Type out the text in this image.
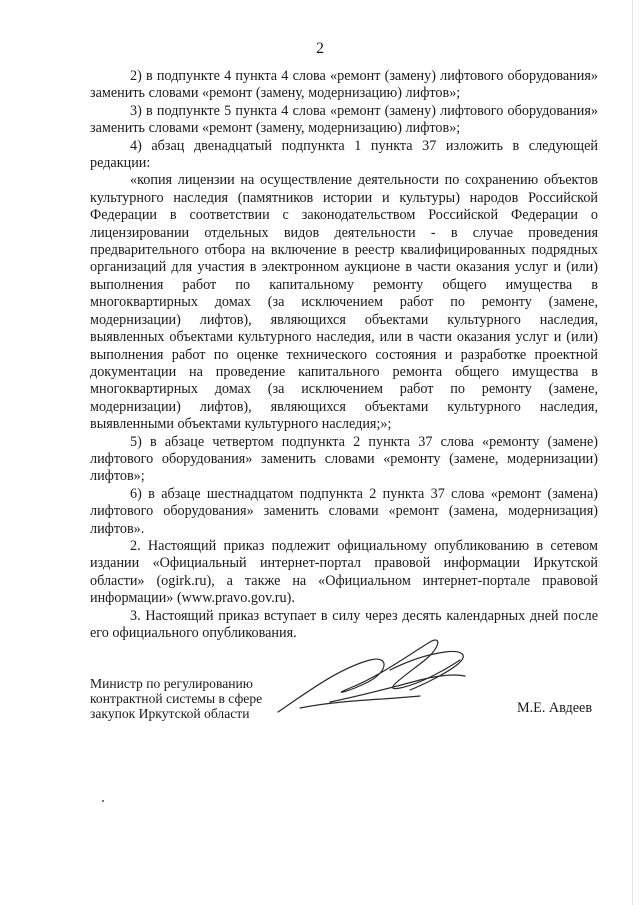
2

2) в подпункте 4 пункта 4 слова «ремонт (замену) лифтового оборудования» заменить словами «ремонт (замену, модернизацию) лифтов»;

3) в подпункте 5 пункта 4 слова «ремонт (замену) лифтового оборудования» заменить словами «ремонт (замену, модернизацию) лифтов»;

4) абзац двенадцатый подпункта 1 пункта 37 изложить в следующей редакции:

«копия лицензии на осуществление деятельности по сохранению объектов культурного наследия (памятников истории и культуры) народов Российской Федерации в соответствии с законодательством Российской Федерации о лицензировании отдельных видов деятельности - в случае проведения предварительного отбора на включение в реестр квалифицированных подрядных организаций для участия в электронном аукционе в части оказания услуг и (или) выполнения работ по капитальному ремонту общего имущества в многоквартирных домах (за исключением работ по ремонту (замене, модернизации) лифтов), являющихся объектами культурного наследия, выявленных объектами культурного наследия, или в части оказания услуг и (или) выполнения работ по оценке технического состояния и разработке проектной документации на проведение капитального ремонта общего имущества в многоквартирных домах (за исключением работ по ремонту (замене, модернизации) лифтов), являющихся объектами культурного наследия, выявленными объектами культурного наследия;»;

5) в абзаце четвертом подпункта 2 пункта 37 слова «ремонту (замене) лифтового оборудования» заменить словами «ремонту (замене, модернизации) лифтов»;

6) в абзаце шестнадцатом подпункта 2 пункта 37 слова «ремонт (замена) лифтового оборудования» заменить словами «ремонт (замена, модернизация) лифтов».

2. Настоящий приказ подлежит официальному опубликованию в сетевом издании «Официальный интернет-портал правовой информации Иркутской области» (ogirk.ru), а также на «Официальном интернет-портале правовой информации» (www.pravo.gov.ru).

3. Настоящий приказ вступает в силу через десять календарных дней после его официального опубликования.

Министр по регулированию
контрактной системы в сфере
закупок Иркутской области	М.Е. Авдеев
